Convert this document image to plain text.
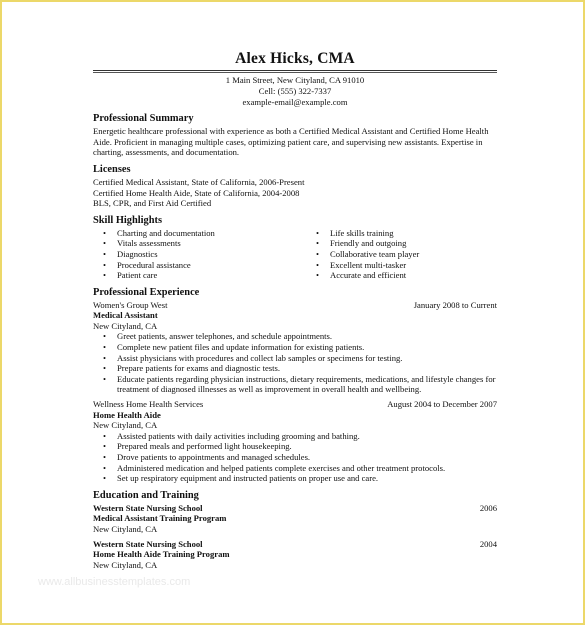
Alex Hicks, CMA
1 Main Street, New Cityland, CA 91010
Cell: (555) 322-7337
example-email@example.com
Professional Summary

Energetic healthcare professional with experience as both a Certified Medical Assistant and Certified Home Health Aide. Proficient in managing multiple cases, optimizing patient care, and supervising new assistants. Expertise in charting, assessments, and documentation.

Licenses
Certified Medical Assistant, State of California, 2006-Present
Certified Home Health Aide, State of California, 2004-2008
BLS, CPR, and First Aid Certified
Skill Highlights
• Charting and documentation
• Vitals assessments
• Diagnostics
• Procedural assistance
• Patient care
• Life skills training
• Friendly and outgoing
• Collaborative team player
• Excellent multi-tasker
• Accurate and efficient
Professional Experience
Women's Group West	January 2008 to Current
Medical Assistant
New Cityland, CA
• Greet patients, answer telephones, and schedule appointments.
• Complete new patient files and update information for existing patients.
• Assist physicians with procedures and collect lab samples or specimens for testing.
• Prepare patients for exams and diagnostic tests.
• Educate patients regarding physician instructions, dietary requirements, medications, and lifestyle changes for treatment of diagnosed illnesses as well as improvement in overall health and wellbeing.
Wellness Home Health Services	August 2004 to December 2007
Home Health Aide
New Cityland, CA
• Assisted patients with daily activities including grooming and bathing.
• Prepared meals and performed light housekeeping.
• Drove patients to appointments and managed schedules.
• Administered medication and helped patients complete exercises and other treatment protocols.
• Set up respiratory equipment and instructed patients on proper use and care.
Education and Training
Western State Nursing School	2006
Medical Assistant Training Program
New Cityland, CA
Western State Nursing School	2004
Home Health Aide Training Program
New Cityland, CA
www.allbusinesstemplates.com
